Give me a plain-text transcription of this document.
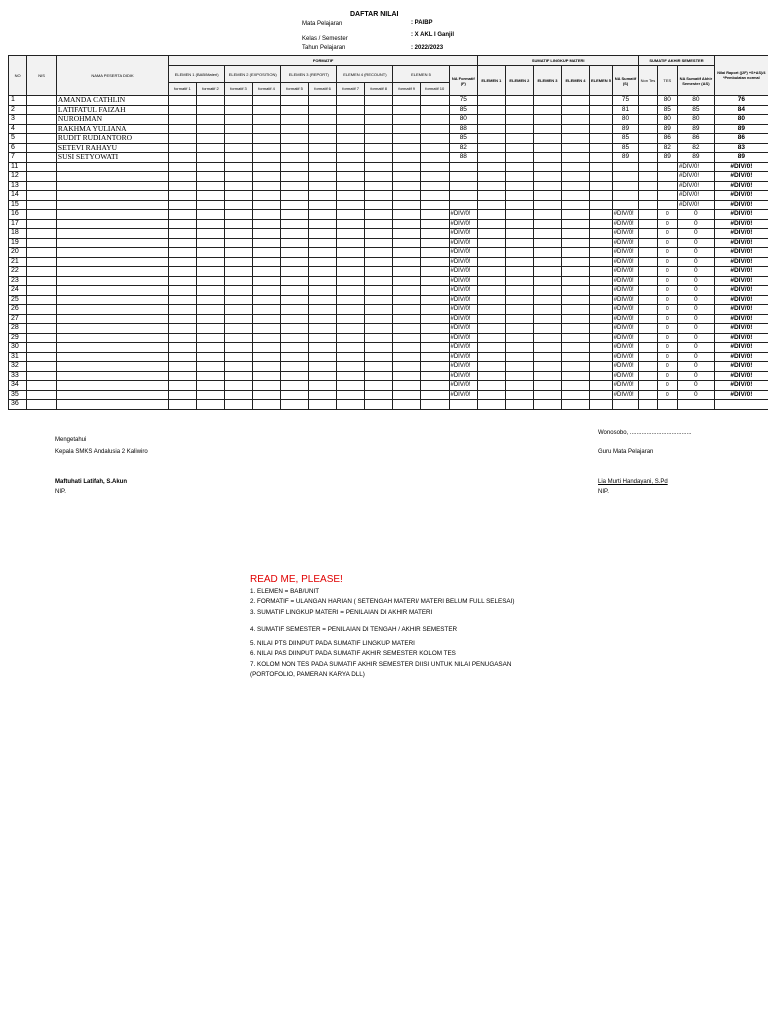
DAFTAR NILAI
Mata Pelajaran	: PAIBP
Kelas / Semester
: X AKL I Ganjil
Tahun Pelajaran	: 2022/2023
NO	NIS	NAMA PESERTA DIDIK	FORMATIF											SUMATIF LINGKUP MATERI						SUMATIF AKHIR SEMESTER			Nilai Raport ((2F) +S+AS)/4 *Pembulatan normal
			ELEMEN 1 (BAB/Materi)		ELEMEN 2 (EXPOSITION)		ELEMEN 3 (REPORT)		ELEMEN 4 (RECOUNT)		ELEMEN 5		NA Formatif (F)	ELEMEN 1	ELEMEN 2	ELEMEN 3	ELEMEN 4	ELEMEN 5	NA Sumatif (S)	Non Tes	TES	NA Sumatif Akhir Semester (AS)	
			formatif 1	formatif 2	formatif 3	formatif 4	formatif 5	formatif 6	formatif 7	formatif 8	formatif 9	formatif 10											
1		AMANDA CATHLIN											75						75		80	80	76
2		LATIFATUL FAIZAH											85						81		85	85	84
3		NUROHMAN											80						80		80	80	80
4		RAKHMA YULIANA											88						89		89	89	89
5		RUDIT RUDIANTORO											85						85		86	86	86
6		SETEVI RAHAYU											82						85		82	82	83
7		SUSI SETYOWATI											88						89		89	89	89
11																						#DIV/0!	#DIV/0!
12																						#DIV/0!	#DIV/0!
13																						#DIV/0!	#DIV/0!
14																						#DIV/0!	#DIV/0!
15																						#DIV/0!	#DIV/0!
16													#DIV/0!						#DIV/0!		0	0	#DIV/0!
17													#DIV/0!						#DIV/0!		0	0	#DIV/0!
18													#DIV/0!						#DIV/0!		0	0	#DIV/0!
19													#DIV/0!						#DIV/0!		0	0	#DIV/0!
20													#DIV/0!						#DIV/0!		0	0	#DIV/0!
21													#DIV/0!						#DIV/0!		0	0	#DIV/0!
22													#DIV/0!						#DIV/0!		0	0	#DIV/0!
23													#DIV/0!						#DIV/0!		0	0	#DIV/0!
24													#DIV/0!						#DIV/0!		0	0	#DIV/0!
25													#DIV/0!						#DIV/0!		0	0	#DIV/0!
26													#DIV/0!						#DIV/0!		0	0	#DIV/0!
27													#DIV/0!						#DIV/0!		0	0	#DIV/0!
28													#DIV/0!						#DIV/0!		0	0	#DIV/0!
29													#DIV/0!						#DIV/0!		0	0	#DIV/0!
30													#DIV/0!						#DIV/0!		0	0	#DIV/0!
31													#DIV/0!						#DIV/0!		0	0	#DIV/0!
32													#DIV/0!						#DIV/0!		0	0	#DIV/0!
33													#DIV/0!						#DIV/0!		0	0	#DIV/0!
34													#DIV/0!						#DIV/0!		0	0	#DIV/0!
35													#DIV/0!						#DIV/0!		0	0	#DIV/0!
36																							
Mengetahui
Kepala SMKS Andalusia 2 Kaliwiro
Maftuhati Latifah, S.Akun
NIP.
Wonosobo, .....................................
Guru Mata Pelajaran
Lia Murti Handayani, S.Pd
NIP.
READ ME, PLEASE!
1. ELEMEN = BAB/UNIT
2. FORMATIF = ULANGAN HARIAN ( SETENGAH MATERI/ MATERI BELUM FULL SELESAI)
3. SUMATIF LINGKUP MATERI = PENILAIAN DI AKHIR MATERI
4. SUMATIF SEMESTER = PENILAIAN DI TENGAH / AKHIR SEMESTER
5. NILAI PTS DIINPUT PADA SUMATIF LINGKUP MATERI
6. NILAI PAS DIINPUT PADA SUMATIF AKHIR SEMESTER KOLOM TES
7. KOLOM NON TES PADA SUMATIF AKHIR SEMESTER DIISI UNTUK NILAI PENUGASAN
(PORTOFOLIO, PAMERAN KARYA DLL)
